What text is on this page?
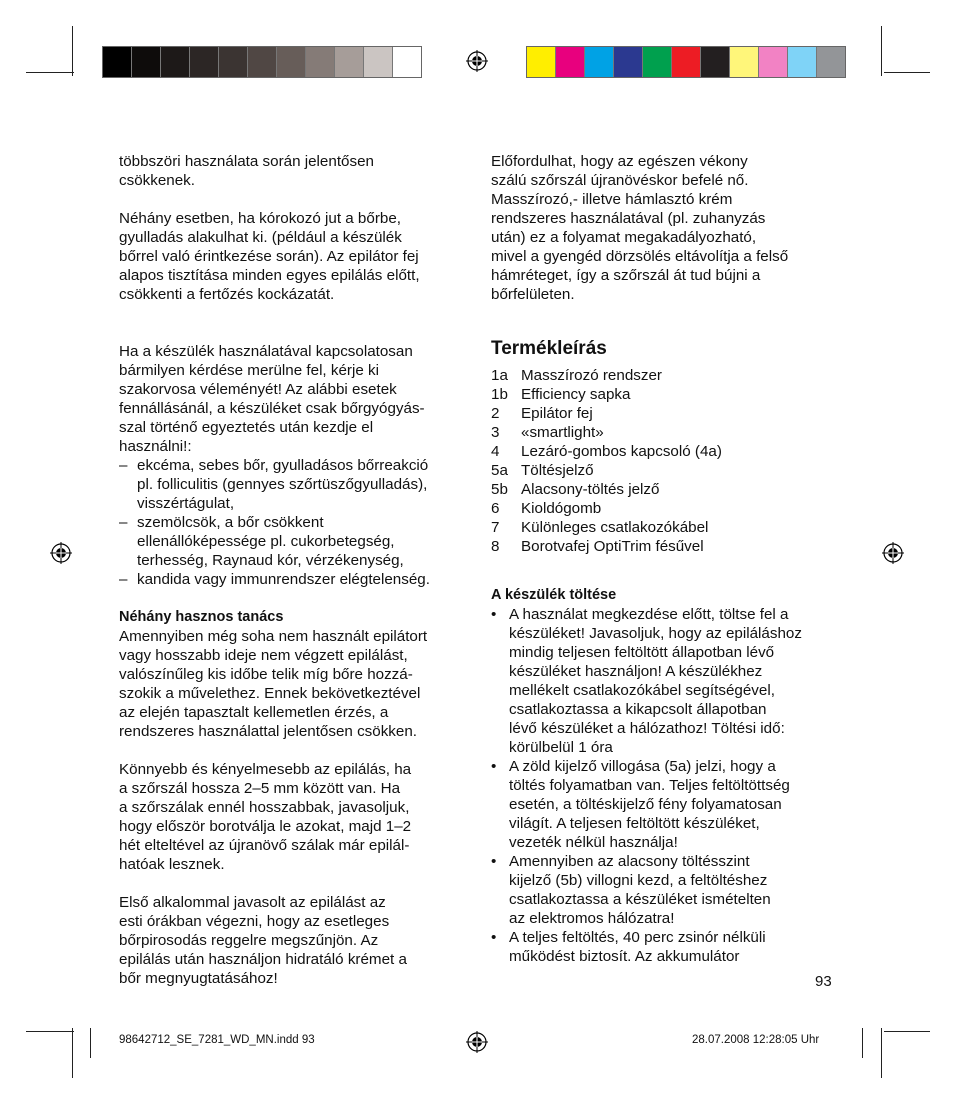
többszöri használata során jelentősen
csökkenek.

Néhány esetben, ha kórokozó jut a bőrbe,
gyulladás alakulhat ki. (például a készülék
bőrrel való érintkezése során). Az epilátor fej
alapos tisztítása minden egyes epilálás előtt,
csökkenti a fertőzés kockázatát.

Ha a készülék használatával kapcsolatosan
bármilyen kérdése merülne fel, kérje ki
szakorvosa véleményét! Az alábbi esetek
fennállásánál, a készüléket csak bőrgyógyás-
szal történő egyeztetés után kezdje el
használni!:

– ekcéma, sebes bőr, gyulladásos bőrreakció
pl. folliculitis (gennyes szőrtüszőgyulladás),
visszértágulat,
– szemölcsök, a bőr csökkent
ellenállóképessége pl. cukorbetegség,
terhesség, Raynaud kór, vérzékenység,
– kandida vagy immunrendszer elégtelenség.

Néhány hasznos tanács

Amennyiben még soha nem használt epilátort
vagy hosszabb ideje nem végzett epilálást,
valószínűleg kis időbe telik míg bőre hozzá-
szokik a művelethez. Ennek bekövetkeztével
az elején tapasztalt kellemetlen érzés, a
rendszeres használattal jelentősen csökken.

Könnyebb és kényelmesebb az epilálás, ha
a szőrszál hossza 2–5 mm között van. Ha
a szőrszálak ennél hosszabbak, javasoljuk,
hogy először borotválja le azokat, majd 1–2
hét elteltével az újranövő szálak már epilál-
hatóak lesznek.

Első alkalommal javasolt az epilálást az
esti órákban végezni, hogy az esetleges
bőrpirosodás reggelre megszűnjön. Az
epilálás után használjon hidratáló krémet a
bőr megnyugtatásához!

Előfordulhat, hogy az egészen vékony
szálú szőrszál újranövéskor befelé nő.
Masszírozó,- illetve hámlasztó krém
rendszeres használatával (pl. zuhanyzás
után) ez a folyamat megakadályozható,
mivel a gyengéd dörzsölés eltávolítja a felső
hámréteget, így a szőrszál át tud bújni a
bőrfelületen.

Termékleírás
1a Masszírozó rendszer
1b Efficiency sapka
2	Epilátor fej
3	«smartlight»
4	Lezáró-gombos kapcsoló (4a)
5a Töltésjelző
5b Alacsony-töltés jelző
6	Kioldógomb
7	Különleges csatlakozókábel
8	Borotvafej OptiTrim fésűvel

A készülék töltése

• A használat megkezdése előtt, töltse fel a
készüléket! Javasoljuk, hogy az epiláláshoz
mindig teljesen feltöltött állapotban lévő
készüléket használjon! A készülékhez
mellékelt csatlakozókábel segítségével,
csatlakoztassa a kikapcsolt állapotban
lévő készüléket a hálózathoz! Töltési idő:
körülbelül 1 óra
• A zöld kijelző villogása (5a) jelzi, hogy a
töltés folyamatban van. Teljes feltöltöttség
esetén, a töltéskijelző fény folyamatosan
világít. A teljesen feltöltött készüléket,
vezeték nélkül használja!
• Amennyiben az alacsony töltésszint
kijelző (5b) villogni kezd, a feltöltéshez
csatlakoztassa a készüléket ismételten
az elektromos hálózatra!
• A teljes feltöltés, 40 perc zsinór nélküli
működést biztosít. Az akkumulátor
93
98642712_SE_7281_WD_MN.indd 93	28.07.2008 12:28:05 Uhr
